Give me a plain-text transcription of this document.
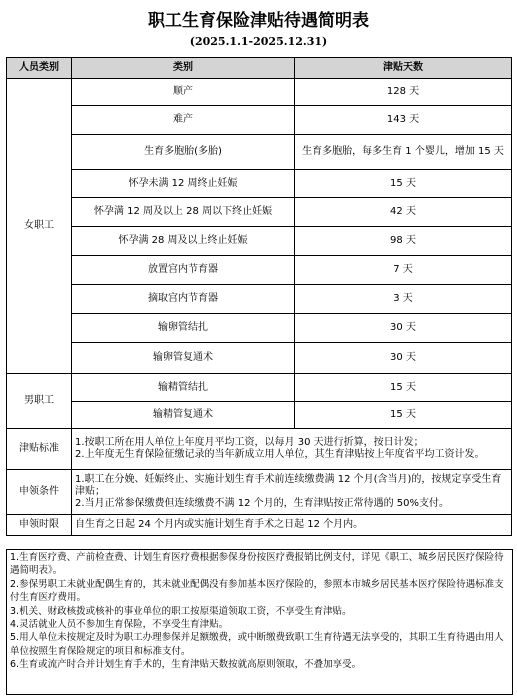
职工生育保险津贴待遇简明表
(2025.1.1-2025.12.31)
人员类别	类别	津贴天数
女职工	顺产	128 天
	难产	143 天
	生育多胞胎(多胎)	生育多胞胎，每多生育 1 个婴儿，增加 15 天
	怀孕未满 12 周终止妊娠	15 天
	怀孕满 12 周及以上 28 周以下终止妊娠	42 天
	怀孕满 28 周及以上终止妊娠	98 天
	放置宫内节育器	7 天
	摘取宫内节育器	3 天
	输卵管结扎	30 天
	输卵管复通术	30 天
男职工	输精管结扎	15 天
	输精管复通术	15 天
津贴标准	1.按职工所在用人单位上年度月平均工资，以每月 30 天进行折算，按日计发；
2.上年度无生育保险征缴记录的当年新成立用人单位，其生育津贴按上年度省平均工资计发。	

申领条件	1.职工在分娩、妊娠终止、实施计划生育手术前连续缴费满 12 个月(含当月)的，按规定享受生育津贴；
2.当月正常参保缴费但连续缴费不满 12 个月的，生育津贴按正常待遇的 50%支付。	

申领时限	自生育之日起 24 个月内或实施计划生育手术之日起 12 个月内。	
1.生育医疗费、产前检查费、计划生育医疗费根据参保身份按医疗费报销比例支付，详见《职工、城乡居民医疗保险待遇简明表》。
2.参保男职工未就业配偶生育的，其未就业配偶没有参加基本医疗保险的，参照本市城乡居民基本医疗保险待遇标准支付生育医疗费用。
3.机关、财政核拨或核补的事业单位的职工按原渠道领取工资，不享受生育津贴。
4.灵活就业人员不参加生育保险，不享受生育津贴。
5.用人单位未按规定及时为职工办理参保并足额缴费，或中断缴费致职工生育待遇无法享受的，其职工生育待遇由用人单位按照生育保险规定的项目和标准支付。
6.生育或流产时合并计划生育手术的，生育津贴天数按就高原则领取，不叠加享受。
